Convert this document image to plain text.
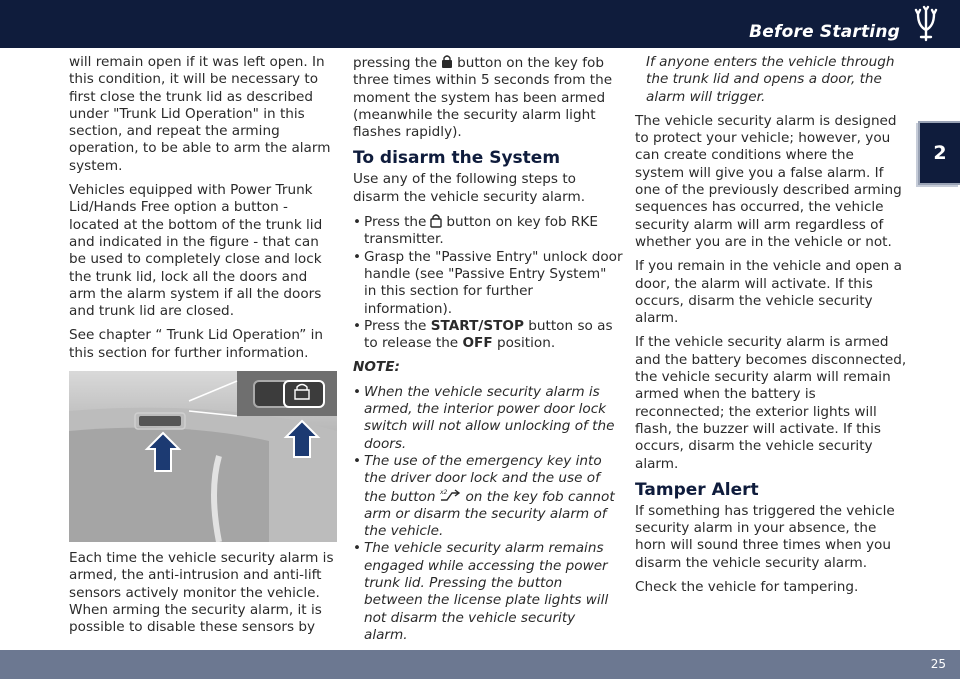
Before Starting
2

will remain open if it was left open. In this condition, it will be necessary to first close the trunk lid as described under "Trunk Lid Operation" in this section, and repeat the arming operation, to be able to arm the alarm system.

Vehicles equipped with Power Trunk Lid/Hands Free option a button - located at the bottom of the trunk lid and indicated in the figure - that can be used to completely close and lock the trunk lid, lock all the doors and arm the alarm system if all the doors and trunk lid are closed.

See chapter “ Trunk Lid Operation” in this section for further information.

Each time the vehicle security alarm is armed, the anti-intrusion and anti-lift sensors actively monitor the vehicle. When arming the security alarm, it is possible to disable these sensors by

pressing the button on the key fob three times within 5 seconds from the moment the system has been armed (meanwhile the security alarm light flashes rapidly).

To disarm the System

Use any of the following steps to disarm the vehicle security alarm.

• Press the button on key fob RKE transmitter.
• Grasp the "Passive Entry" unlock door handle (see "Passive Entry System" in this section for further information).
• Press the START/STOP button so as to release the OFF position.

NOTE:

• When the vehicle security alarm is armed, the interior power door lock switch will not allow unlocking of the doors.
• The use of the emergency key into the driver door lock and the use of the button x2 on the key fob cannot arm or disarm the security alarm of the vehicle.
• The vehicle security alarm remains engaged while accessing the power trunk lid. Pressing the button between the license plate lights will not disarm the vehicle security alarm.

If anyone enters the vehicle through the trunk lid and opens a door, the alarm will trigger.

The vehicle security alarm is designed to protect your vehicle; however, you can create conditions where the system will give you a false alarm. If one of the previously described arming sequences has occurred, the vehicle security alarm will arm regardless of whether you are in the vehicle or not.

If you remain in the vehicle and open a door, the alarm will activate. If this occurs, disarm the vehicle security alarm.

If the vehicle security alarm is armed and the battery becomes disconnected, the vehicle security alarm will remain armed when the battery is reconnected; the exterior lights will flash, the buzzer will activate. If this occurs, disarm the vehicle security alarm.

Tamper Alert

If something has triggered the vehicle security alarm in your absence, the horn will sound three times when you disarm the vehicle security alarm.

Check the vehicle for tampering.

25
